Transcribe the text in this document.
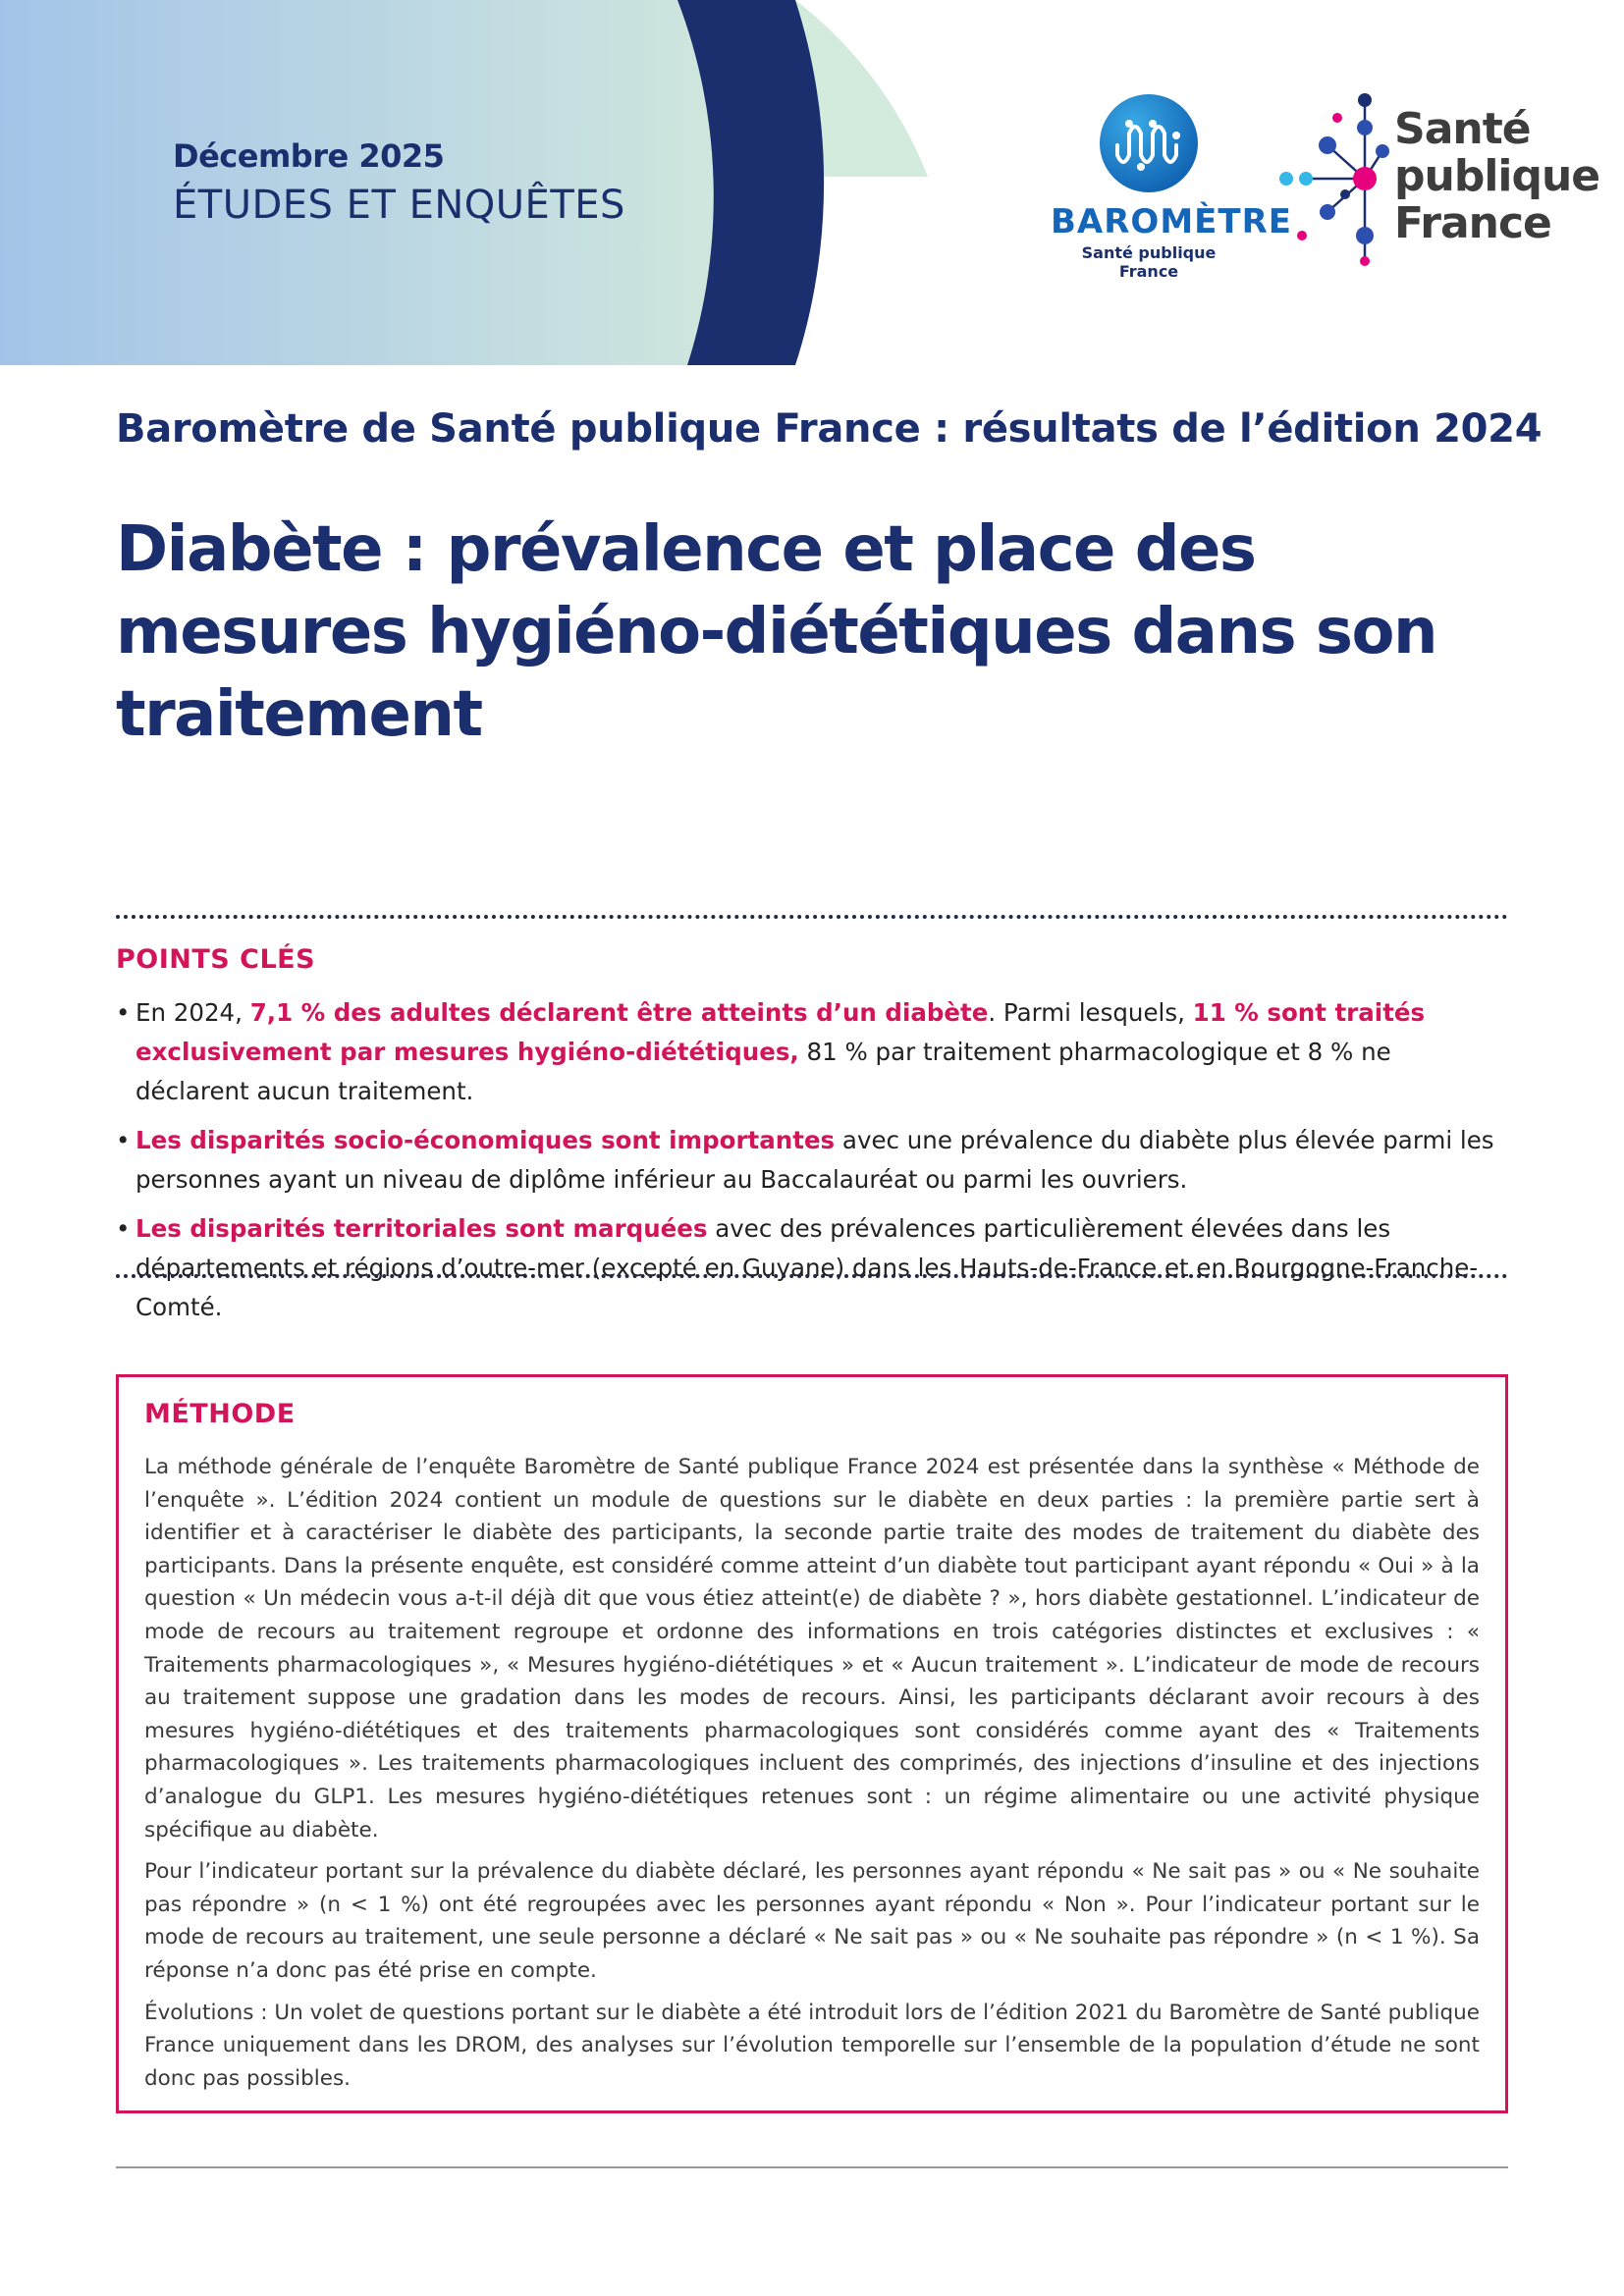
Décembre 2025
ÉTUDES ET ENQUÊTES	BAROMÈTRE
Santé publique France
Santé
publique
France
Baromètre de Santé publique France : résultats de l’édition 2024
Diabète : prévalence et place des mesures hygiéno-diététiques dans son traitement
POINTS CLÉS
• En 2024, 7,1 % des adultes déclarent être atteints d’un diabète. Parmi lesquels, 11 % sont traités exclusivement par mesures hygiéno-diététiques, 81 % par traitement pharmacologique et 8 % ne déclarent aucun traitement.
• Les disparités socio-économiques sont importantes avec une prévalence du diabète plus élevée parmi les personnes ayant un niveau de diplôme inférieur au Baccalauréat ou parmi les ouvriers.
• Les disparités territoriales sont marquées avec des prévalences particulièrement élevées dans les départements et régions d’outre-mer (excepté en Guyane) dans les Hauts-de-France et en Bourgogne-Franche-Comté.
MÉTHODE

La méthode générale de l’enquête Baromètre de Santé publique France 2024 est présentée dans la synthèse « Méthode de l’enquête ». L’édition 2024 contient un module de questions sur le diabète en deux parties : la première partie sert à identifier et à caractériser le diabète des participants, la seconde partie traite des modes de traitement du diabète des participants. Dans la présente enquête, est considéré comme atteint d’un diabète tout participant ayant répondu « Oui » à la question « Un médecin vous a-t-il déjà dit que vous étiez atteint(e) de diabète ? », hors diabète gestationnel. L’indicateur de mode de recours au traitement regroupe et ordonne des informations en trois catégories distinctes et exclusives : « Traitements pharmacologiques », « Mesures hygiéno-diététiques » et « Aucun traitement ». L’indicateur de mode de recours au traitement suppose une gradation dans les modes de recours. Ainsi, les participants déclarant avoir recours à des mesures hygiéno-diététiques et des traitements pharmacologiques sont considérés comme ayant des « Traitements pharmacologiques ». Les traitements pharmacologiques incluent des comprimés, des injections d’insuline et des injections d’analogue du GLP1. Les mesures hygiéno-diététiques retenues sont : un régime alimentaire ou une activité physique spécifique au diabète.

Pour l’indicateur portant sur la prévalence du diabète déclaré, les personnes ayant répondu « Ne sait pas » ou « Ne souhaite pas répondre » (n < 1 %) ont été regroupées avec les personnes ayant répondu « Non ». Pour l’indicateur portant sur le mode de recours au traitement, une seule personne a déclaré « Ne sait pas » ou « Ne souhaite pas répondre » (n < 1 %). Sa réponse n’a donc pas été prise en compte.

Évolutions : Un volet de questions portant sur le diabète a été introduit lors de l’édition 2021 du Baromètre de Santé publique France uniquement dans les DROM, des analyses sur l’évolution temporelle sur l’ensemble de la population d’étude ne sont donc pas possibles.
